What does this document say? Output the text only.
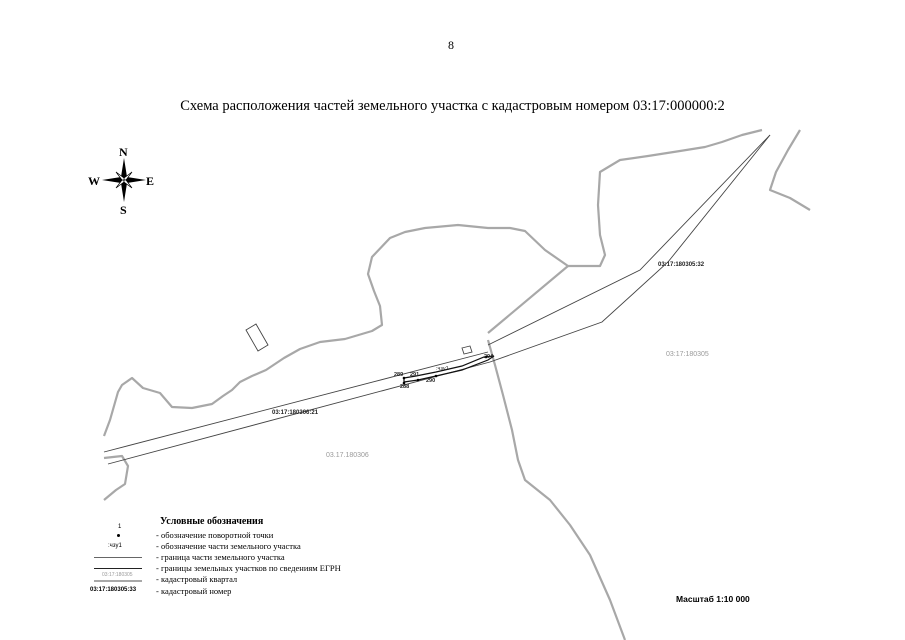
8
Схема расположения частей земельного участка с кадастровым номером 03:17:000000:2
03:17:180305:32
03:17:180306:21
03:17:180305
03.17.180306
:чзу1
289 291
288
290
294
N
S
E
W
Условные обозначения
1
- обозначение поворотной точки
:чзу1	- обозначение части земельного участка
- граница части земельного участка
- границы земельных участков по сведениям ЕГРН
03:17:180305	- кадастровый квартал
03:17:180305:33 - кадастровый номер
Масштаб 1:10 000
